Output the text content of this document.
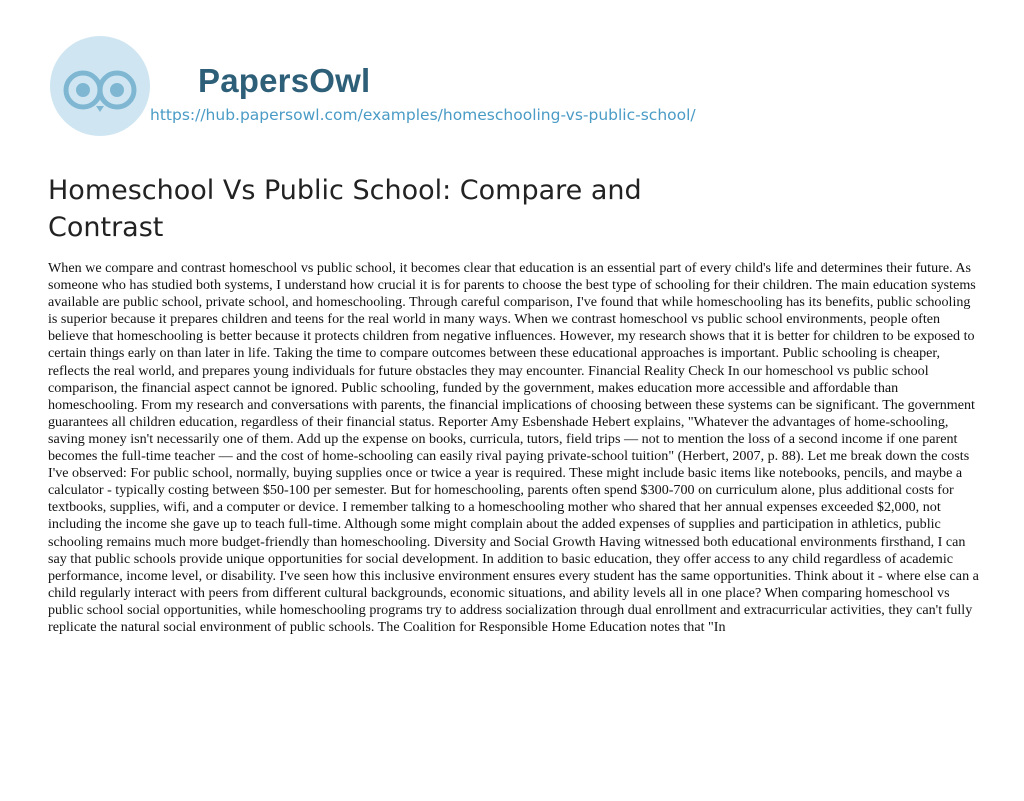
PapersOwl
https://hub.papersowl.com/examples/homeschooling-vs-public-school/
Homeschool Vs Public School: Compare and Contrast

When we compare and contrast homeschool vs public school, it becomes clear that education is an essential part of every child's life and determines their future. As someone who has studied both systems, I understand how crucial it is for parents to choose the best type of schooling for their children. The main education systems available are public school, private school, and homeschooling. Through careful comparison, I've found that while homeschooling has its benefits, public schooling is superior because it prepares children and teens for the real world in many ways. When we contrast homeschool vs public school environments, people often believe that homeschooling is better because it protects children from negative influences. However, my research shows that it is better for children to be exposed to certain things early on than later in life. Taking the time to compare outcomes between these educational approaches is important. Public schooling is cheaper, reflects the real world, and prepares young individuals for future obstacles they may encounter. Financial Reality Check In our homeschool vs public school comparison, the financial aspect cannot be ignored. Public schooling, funded by the government, makes education more accessible and affordable than homeschooling. From my research and conversations with parents, the financial implications of choosing between these systems can be significant. The government guarantees all children education, regardless of their financial status. Reporter Amy Esbenshade Hebert explains, "Whatever the advantages of home-schooling, saving money isn't necessarily one of them. Add up the expense on books, curricula, tutors, field trips — not to mention the loss of a second income if one parent becomes the full-time teacher — and the cost of home-schooling can easily rival paying private-school tuition" (Herbert, 2007, p. 88). Let me break down the costs I've observed: For public school, normally, buying supplies once or twice a year is required. These might include basic items like notebooks, pencils, and maybe a calculator - typically costing between $50-100 per semester. But for homeschooling, parents often spend $300-700 on curriculum alone, plus additional costs for textbooks, supplies, wifi, and a computer or device. I remember talking to a homeschooling mother who shared that her annual expenses exceeded $2,000, not including the income she gave up to teach full-time. Although some might complain about the added expenses of supplies and participation in athletics, public schooling remains much more budget-friendly than homeschooling. Diversity and Social Growth Having witnessed both educational environments firsthand, I can say that public schools provide unique opportunities for social development. In addition to basic education, they offer access to any child regardless of academic performance, income level, or disability. I've seen how this inclusive environment ensures every student has the same opportunities. Think about it - where else can a child regularly interact with peers from different cultural backgrounds, economic situations, and ability levels all in one place? When comparing homeschool vs public school social opportunities, while homeschooling programs try to address socialization through dual enrollment and extracurricular activities, they can't fully replicate the natural social environment of public schools. The Coalition for Responsible Home Education notes that "In
